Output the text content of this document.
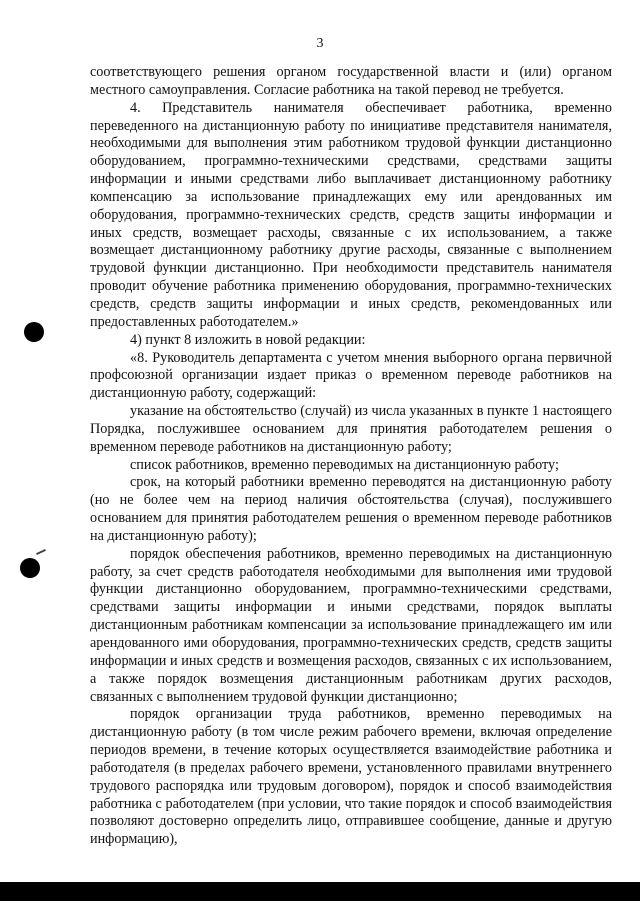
3

соответствующего решения органом государственной власти и (или) органом местного самоуправления. Согласие работника на такой перевод не требуется.

4. Представитель нанимателя обеспечивает работника, временно переведенного на дистанционную работу по инициативе представителя нанимателя, необходимыми для выполнения этим работником трудовой функции дистанционно оборудованием, программно-техническими средствами, средствами защиты информации и иными средствами либо выплачивает дистанционному работнику компенсацию за использование принадлежащих ему или арендованных им оборудования, программно-технических средств, средств защиты информации и иных средств, возмещает расходы, связанные с их использованием, а также возмещает дистанционному работнику другие расходы, связанные с выполнением трудовой функции дистанционно. При необходимости представитель нанимателя проводит обучение работника применению оборудования, программно-технических средств, средств защиты информации и иных средств, рекомендованных или предоставленных работодателем.»

4) пункт 8 изложить в новой редакции:

«8. Руководитель департамента с учетом мнения выборного органа первичной профсоюзной организации издает приказ о временном переводе работников на дистанционную работу, содержащий:

указание на обстоятельство (случай) из числа указанных в пункте 1 настоящего Порядка, послужившее основанием для принятия работодателем решения о временном переводе работников на дистанционную работу;

список работников, временно переводимых на дистанционную работу;

срок, на который работники временно переводятся на дистанционную работу (но не более чем на период наличия обстоятельства (случая), послужившего основанием для принятия работодателем решения о временном переводе работников на дистанционную работу);

порядок обеспечения работников, временно переводимых на дистанционную работу, за счет средств работодателя необходимыми для выполнения ими трудовой функции дистанционно оборудованием, программно-техническими средствами, средствами защиты информации и иными средствами, порядок выплаты дистанционным работникам компенсации за использование принадлежащего им или арендованного ими оборудования, программно-технических средств, средств защиты информации и иных средств и возмещения расходов, связанных с их использованием, а также порядок возмещения дистанционным работникам других расходов, связанных с выполнением трудовой функции дистанционно;

порядок организации труда работников, временно переводимых на дистанционную работу (в том числе режим рабочего времени, включая определение периодов времени, в течение которых осуществляется взаимодействие работника и работодателя (в пределах рабочего времени, установленного правилами внутреннего трудового распорядка или трудовым договором), порядок и способ взаимодействия работника с работодателем (при условии, что такие порядок и способ взаимодействия позволяют достоверно определить лицо, отправившее сообщение, данные и другую информацию),
